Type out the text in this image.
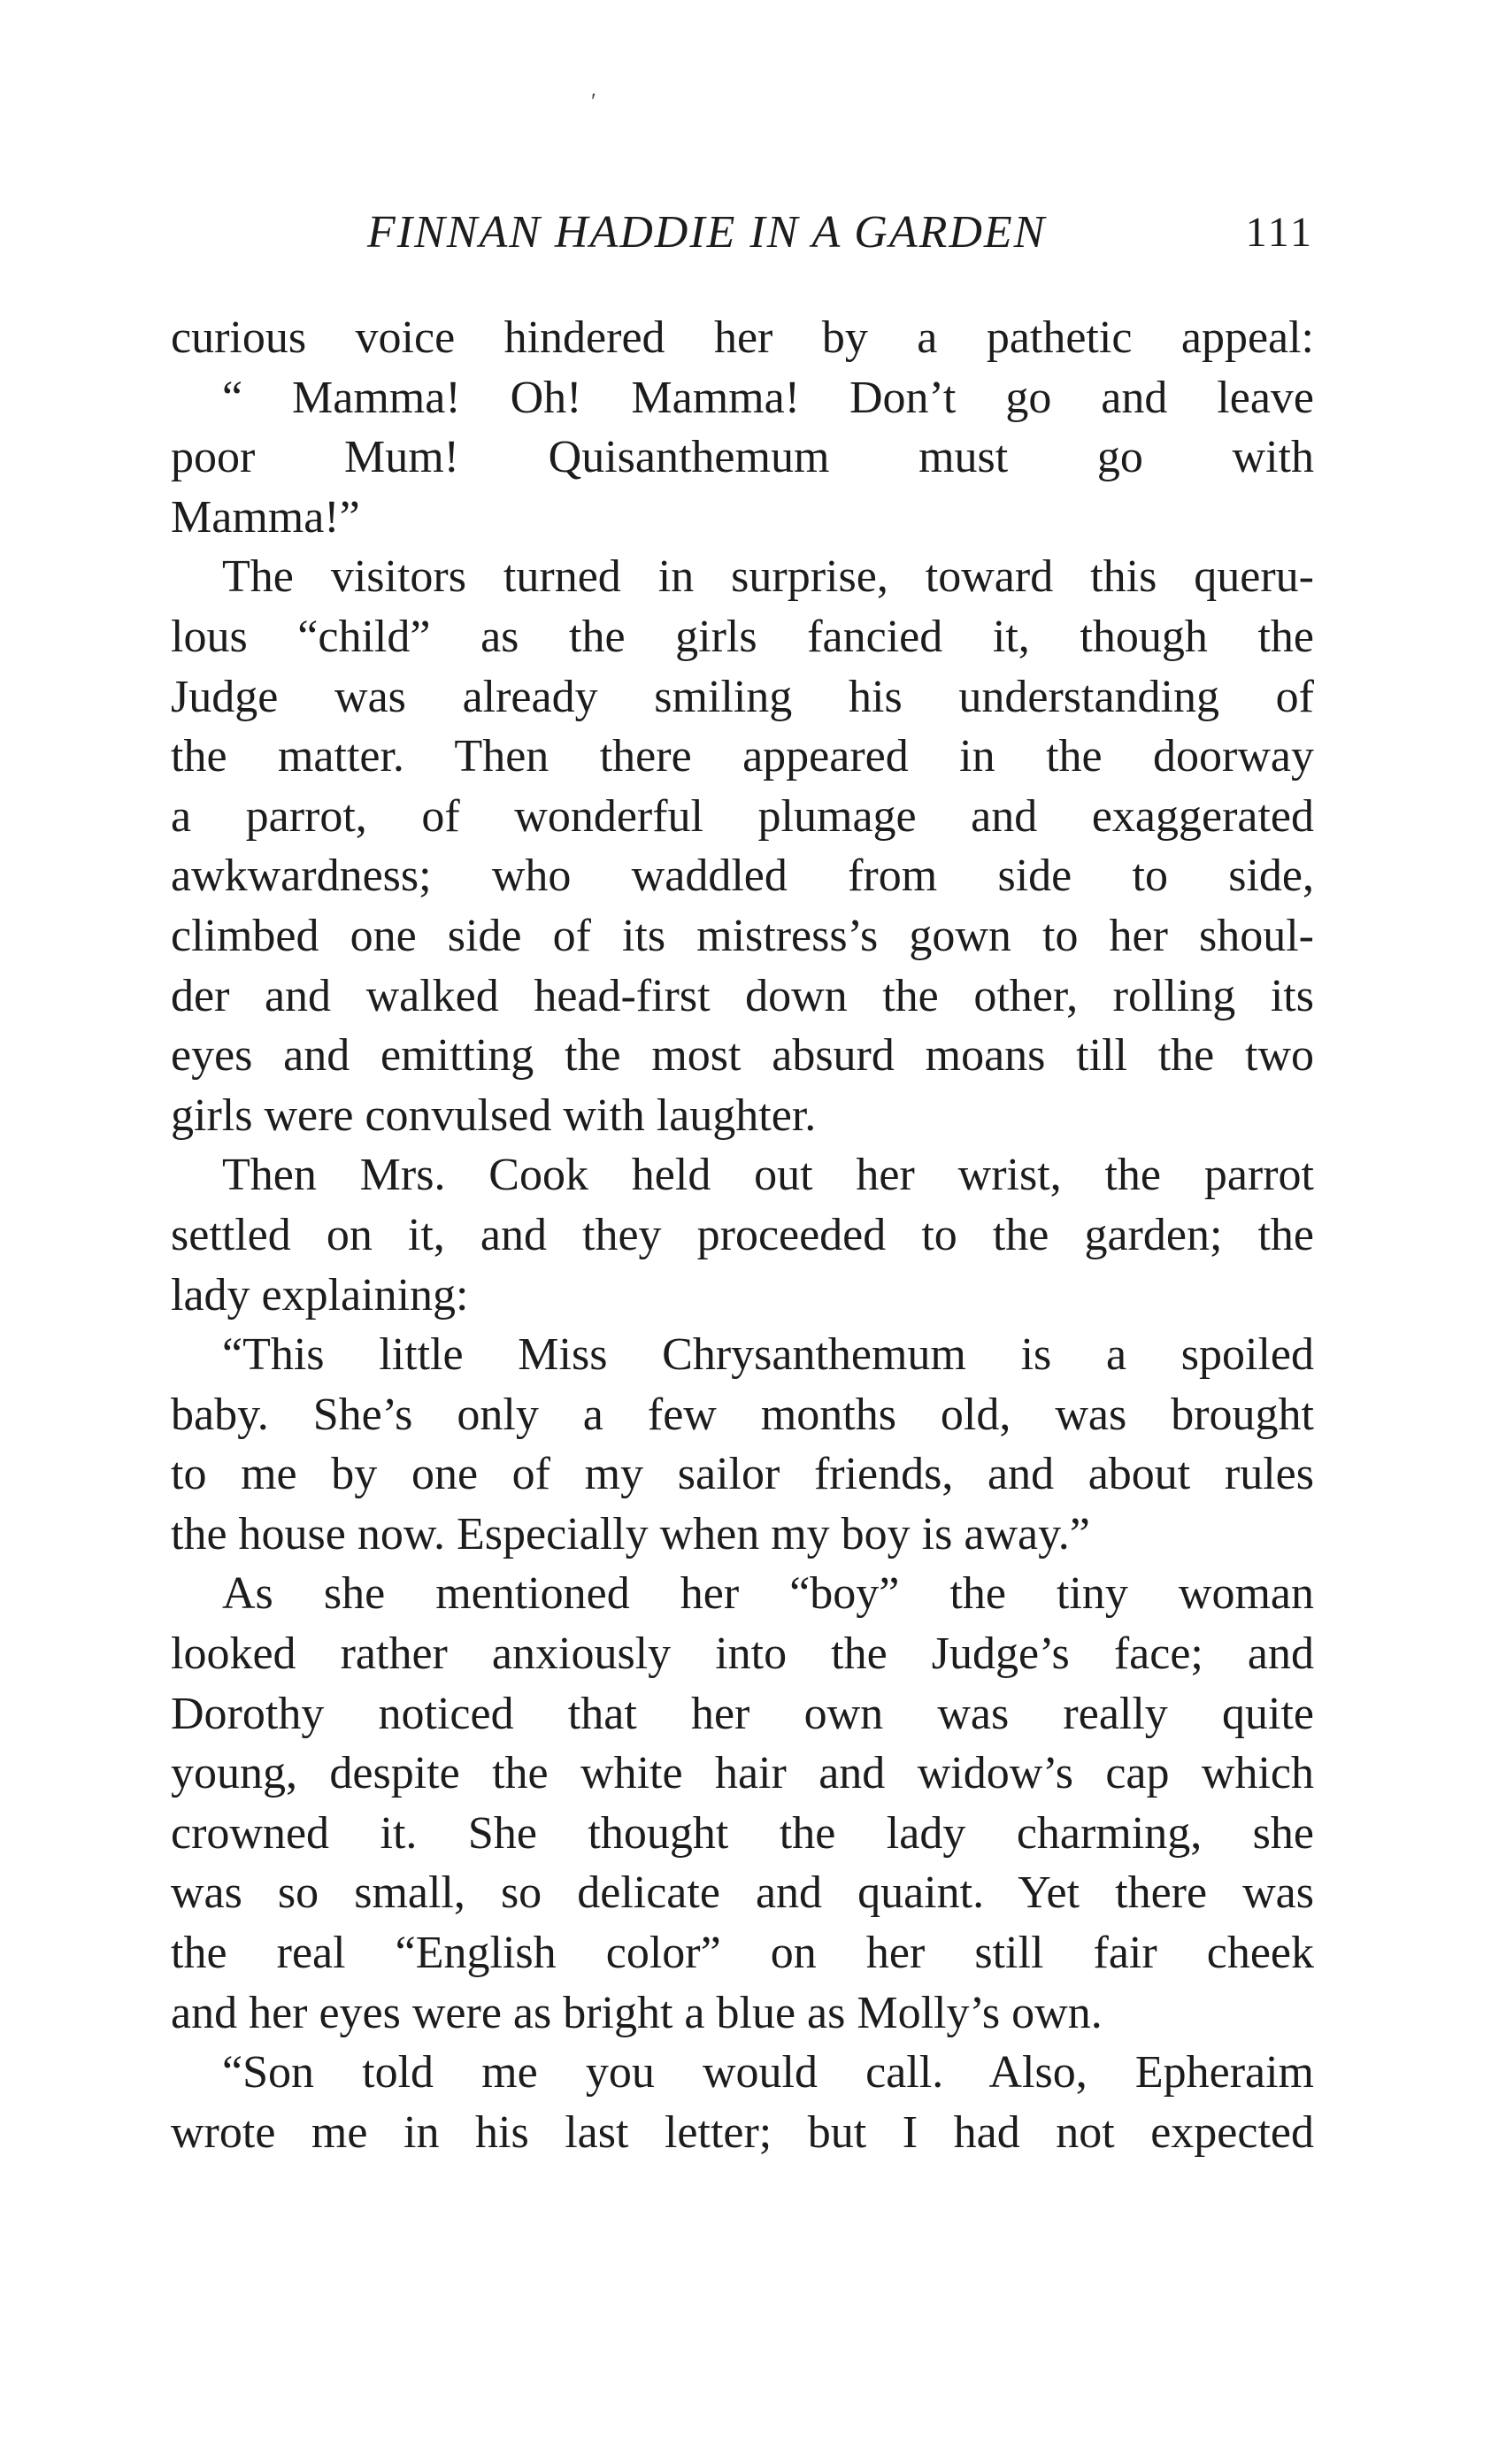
ʹ
FINNAN HADDIE IN A GARDEN	111
curious voice hindered her by a pathetic appeal:
“ Mamma! Oh! Mamma! Don’t go and leave
poor Mum! Quisanthemum must go with
Mamma!”
The visitors turned in surprise, toward this queru-
lous “child” as the girls fancied it, though the
Judge was already smiling his understanding of
the matter. Then there appeared in the doorway
a parrot, of wonderful plumage and exaggerated
awkwardness; who waddled from side to side,
climbed one side of its mistress’s gown to her shoul-
der and walked head-first down the other, rolling its
eyes and emitting the most absurd moans till the two
girls were convulsed with laughter.
Then Mrs. Cook held out her wrist, the parrot
settled on it, and they proceeded to the garden; the
lady explaining:
“This little Miss Chrysanthemum is a spoiled
baby. She’s only a few months old, was brought
to me by one of my sailor friends, and about rules
the house now. Especially when my boy is away.”
As she mentioned her “boy” the tiny woman
looked rather anxiously into the Judge’s face; and
Dorothy noticed that her own was really quite
young, despite the white hair and widow’s cap which
crowned it. She thought the lady charming, she
was so small, so delicate and quaint. Yet there was
the real “English color” on her still fair cheek
and her eyes were as bright a blue as Molly’s own.
“Son told me you would call. Also, Epheraim
wrote me in his last letter; but I had not expected
